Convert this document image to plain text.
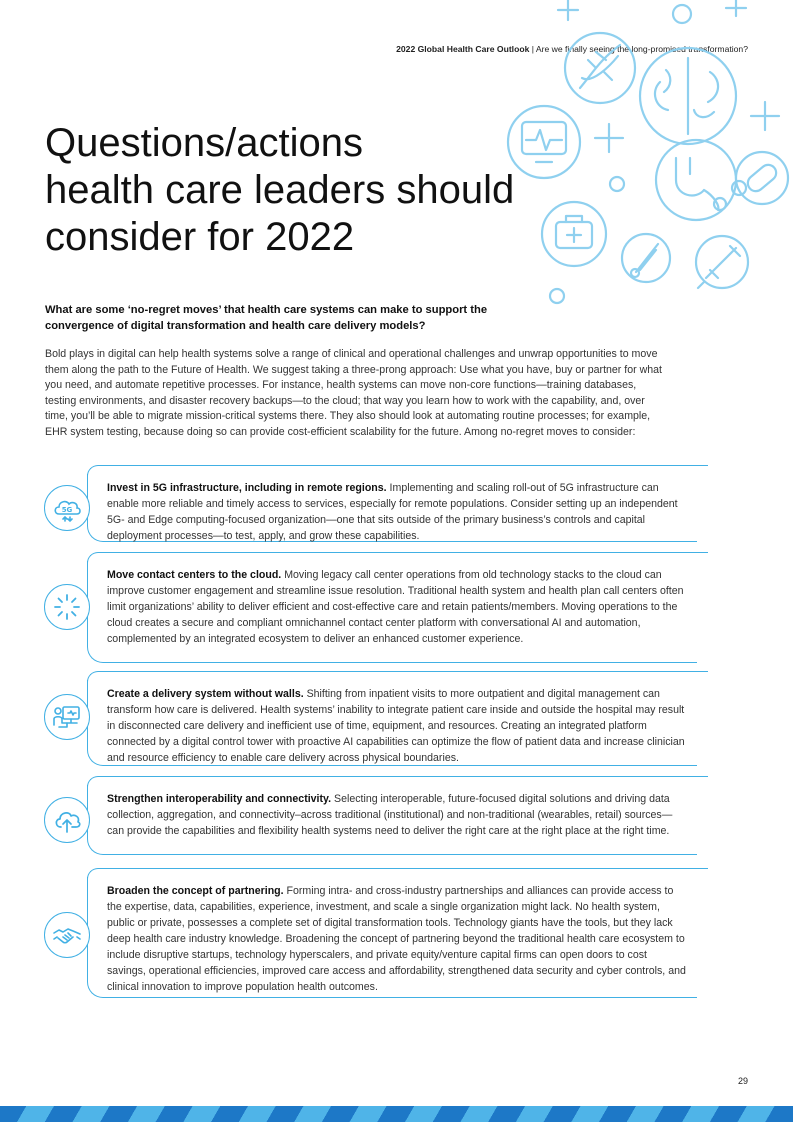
2022 Global Health Care Outlook | Are we finally seeing the long-promised transformation?
Questions/actions
health care leaders should
consider for 2022

What are some ‘no-regret moves’ that health care systems can make to support the convergence of digital transformation and health care delivery models?

Bold plays in digital can help health systems solve a range of clinical and operational challenges and unwrap opportunities to move them along the path to the Future of Health. We suggest taking a three-prong approach: Use what you have, buy or partner for what you need, and automate repetitive processes. For instance, health systems can move non-core functions—training databases, testing environments, and disaster recovery backups—to the cloud; that way you learn how to work with the capability, and, over time, you’ll be able to migrate mission-critical systems there. They also should look at automating routine processes; for example, EHR system testing, because doing so can provide cost-efficient scalability for the future. Among no-regret moves to consider:

Invest in 5G infrastructure, including in remote regions. Implementing and scaling roll-out of 5G infrastructure can enable more reliable and timely access to services, especially for remote populations. Consider setting up an independent 5G- and Edge computing-focused organization—one that sits outside of the primary business’s controls and capital deployment processes—to test, apply, and grow these capabilities.

5G

Move contact centers to the cloud. Moving legacy call center operations from old technology stacks to the cloud can improve customer engagement and streamline issue resolution. Traditional health system and health plan call centers often limit organizations’ ability to deliver efficient and cost-effective care and retain patients/members. Moving operations to the cloud creates a secure and compliant omnichannel contact center platform with conversational AI and automation, complemented by an integrated ecosystem to deliver an enhanced customer experience.

Create a delivery system without walls. Shifting from inpatient visits to more outpatient and digital management can transform how care is delivered. Health systems’ inability to integrate patient care inside and outside the hospital may result in disconnected care delivery and inefficient use of time, equipment, and resources. Creating an integrated platform connected by a digital control tower with proactive AI capabilities can optimize the flow of patient data and increase clinician and resource efficiency to enable care delivery across physical boundaries.

Strengthen interoperability and connectivity. Selecting interoperable, future-focused digital solutions and driving data collection, aggregation, and connectivity–across traditional (institutional) and non-traditional (wearables, retail) sources—can provide the capabilities and flexibility health systems need to deliver the right care at the right place at the right time.

Broaden the concept of partnering. Forming intra- and cross-industry partnerships and alliances can provide access to the expertise, data, capabilities, experience, investment, and scale a single organization might lack. No health system, public or private, possesses a complete set of digital transformation tools. Technology giants have the tools, but they lack deep health care industry knowledge. Broadening the concept of partnering beyond the traditional health care ecosystem to include disruptive startups, technology hyperscalers, and private equity/venture capital firms can open doors to cost savings, operational efficiencies, improved care access and affordability, strengthened data security and cyber controls, and clinical innovation to improve population health outcomes.

29
